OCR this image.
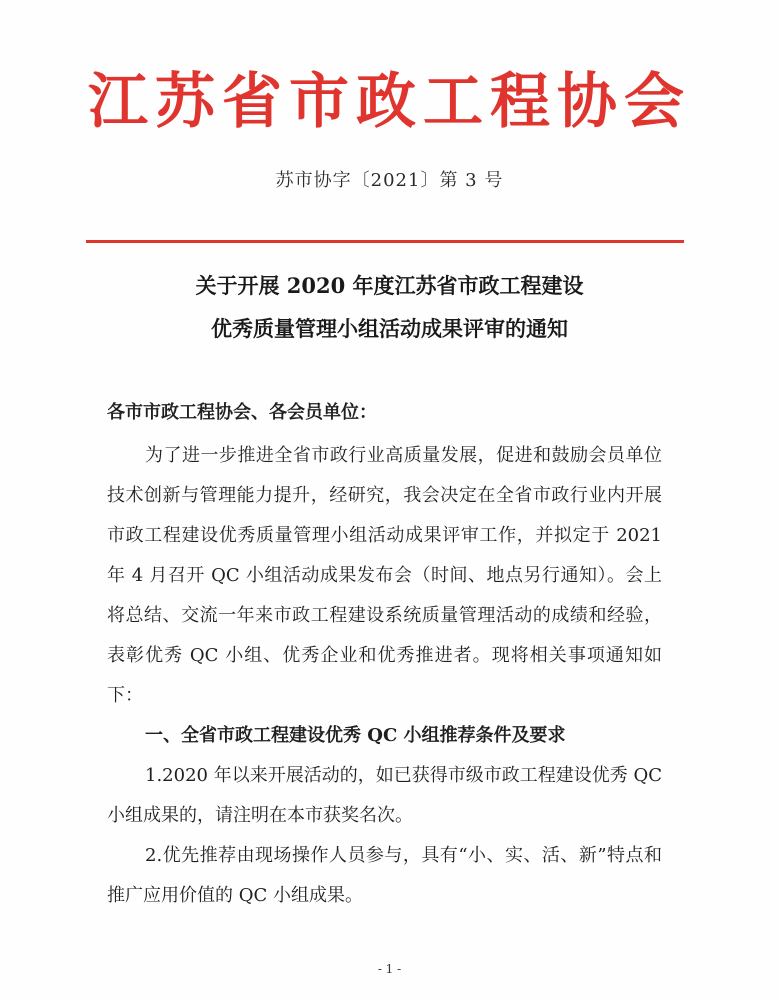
江苏省市政工程协会
苏市协字〔2021〕第 3 号
关于开展 2020 年度江苏省市政工程建设
优秀质量管理小组活动成果评审的通知
各市市政工程协会、各会员单位：

为了进一步推进全省市政行业高质量发展，促进和鼓励会员单位技术创新与管理能力提升，经研究，我会决定在全省市政行业内开展市政工程建设优秀质量管理小组活动成果评审工作，并拟定于 2021 年 4 月召开 QC 小组活动成果发布会（时间、地点另行通知）。会上将总结、交流一年来市政工程建设系统质量管理活动的成绩和经验，表彰优秀 QC 小组、优秀企业和优秀推进者。现将相关事项通知如下：

一、全省市政工程建设优秀 QC 小组推荐条件及要求

1.2020 年以来开展活动的，如已获得市级市政工程建设优秀 QC 小组成果的，请注明在本市获奖名次。

2.优先推荐由现场操作人员参与，具有“小、实、活、新”特点和推广应用价值的 QC 小组成果。

- 1 -
